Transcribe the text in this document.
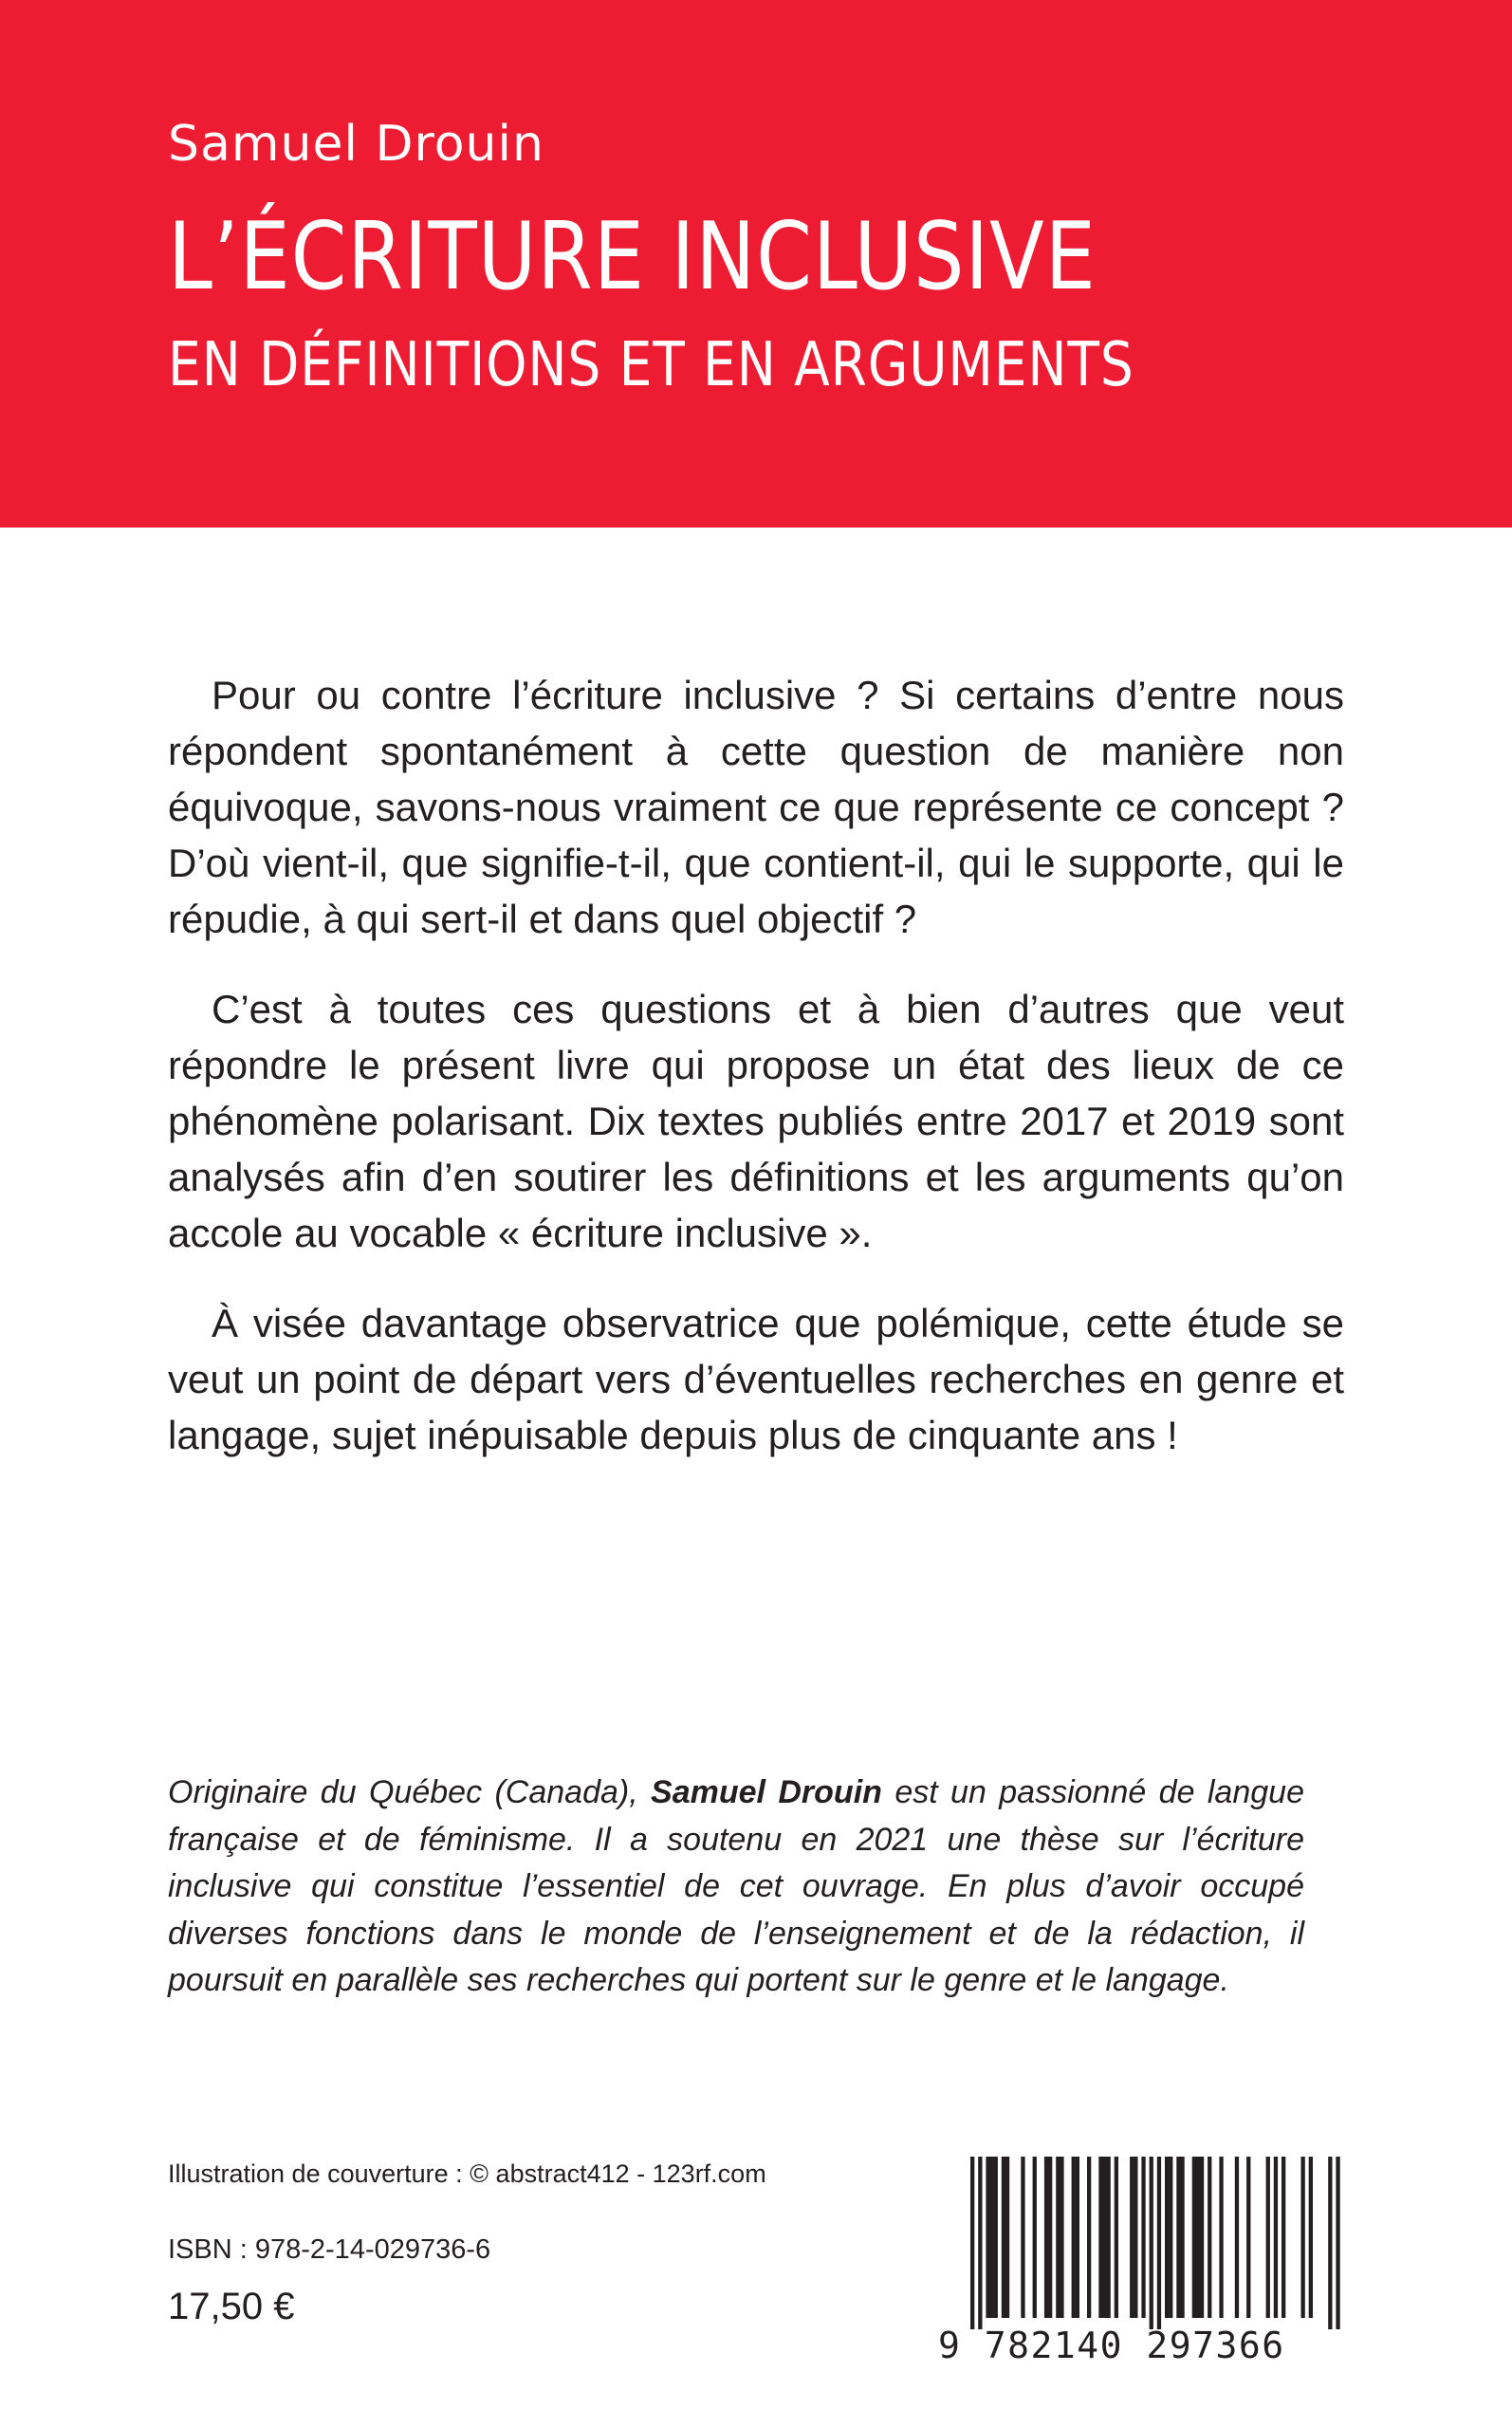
Samuel Drouin
L’ÉCRITURE INCLUSIVE
EN DÉFINITIONS ET EN ARGUMENTS

Pour ou contre l’écriture inclusive ? Si certains d’entre nous répondent spontanément à cette question de manière non équivoque, savons-nous vraiment ce que représente ce concept ? D’où vient-il, que signifie-t-il, que contient-il, qui le supporte, qui le répudie, à qui sert-il et dans quel objectif ?

C’est à toutes ces questions et à bien d’autres que veut répondre le présent livre qui propose un état des lieux de ce phénomène polarisant. Dix textes publiés entre 2017 et 2019 sont analysés afin d’en soutirer les définitions et les arguments qu’on accole au vocable « écriture inclusive ».

À visée davantage observatrice que polémique, cette étude se veut un point de départ vers d’éventuelles recherches en genre et langage, sujet inépuisable depuis plus de cinquante ans !

Originaire du Québec (Canada), Samuel Drouin est un passionné de langue française et de féminisme. Il a soutenu en 2021 une thèse sur l’écriture inclusive qui constitue l’essentiel de cet ouvrage. En plus d’avoir occupé diverses fonctions dans le monde de l’enseignement et de la rédaction, il poursuit en parallèle ses recherches qui portent sur le genre et le langage.
Illustration de couverture : © abstract412 - 123rf.com
ISBN : 978-2-14-029736-6
17,50 €
9 782140 297366
